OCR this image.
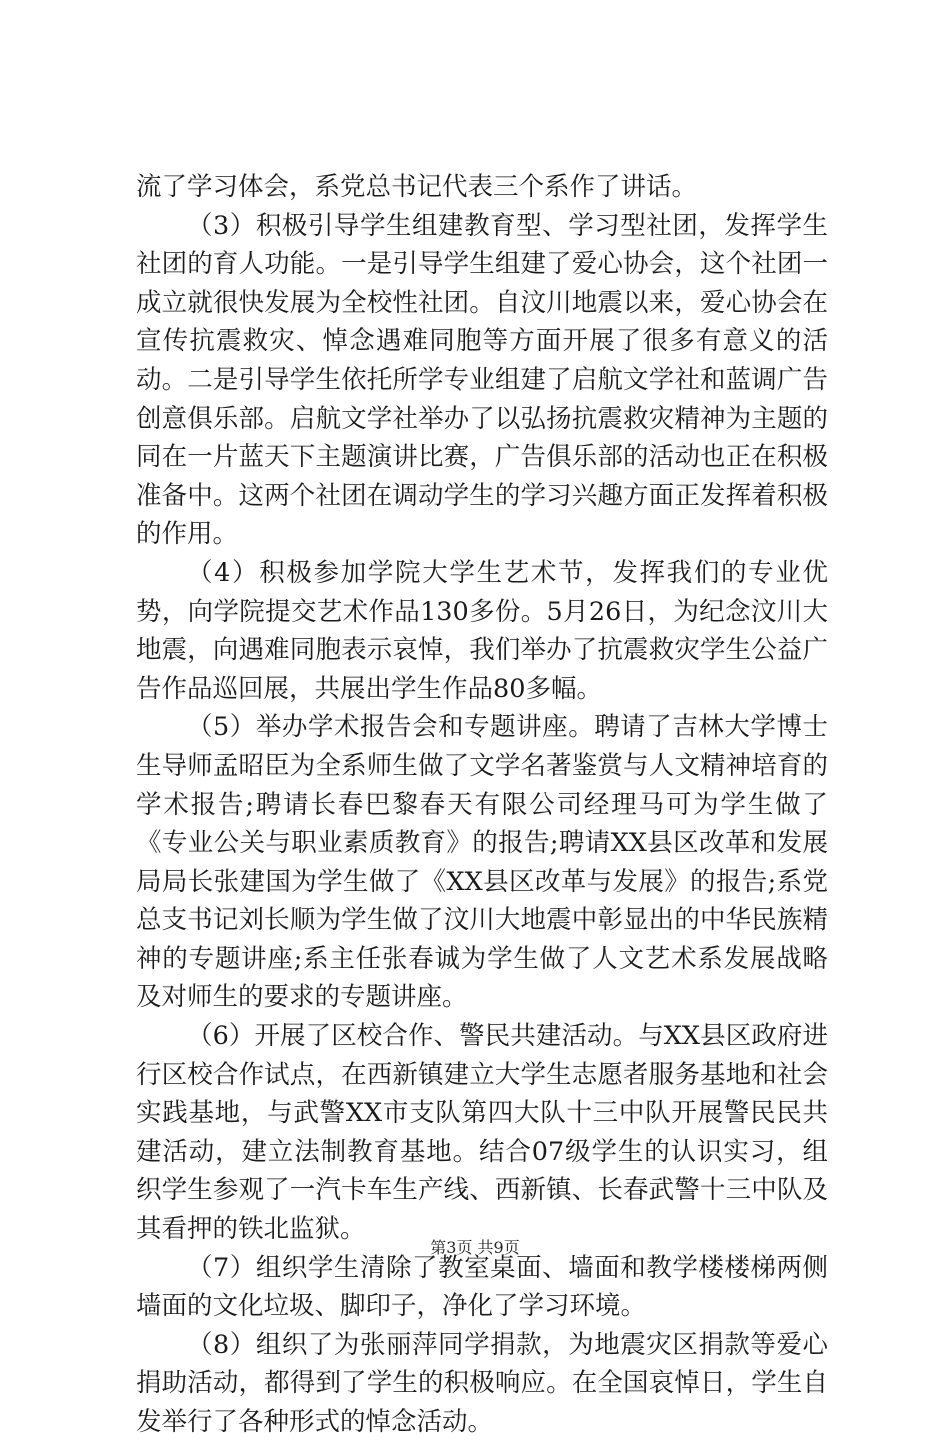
流了学习体会，系党总书记代表三个系作了讲话。

（3）积极引导学生组建教育型、学习型社团，发挥学生社团的育人功能。一是引导学生组建了爱心协会，这个社团一成立就很快发展为全校性社团。自汶川地震以来，爱心协会在宣传抗震救灾、悼念遇难同胞等方面开展了很多有意义的活动。二是引导学生依托所学专业组建了启航文学社和蓝调广告创意俱乐部。启航文学社举办了以弘扬抗震救灾精神为主题的同在一片蓝天下主题演讲比赛，广告俱乐部的活动也正在积极准备中。这两个社团在调动学生的学习兴趣方面正发挥着积极的作用。

（4）积极参加学院大学生艺术节，发挥我们的专业优势，向学院提交艺术作品130多份。5月26日，为纪念汶川大地震，向遇难同胞表示哀悼，我们举办了抗震救灾学生公益广告作品巡回展，共展出学生作品80多幅。

（5）举办学术报告会和专题讲座。聘请了吉林大学博士生导师孟昭臣为全系师生做了文学名著鉴赏与人文精神培育的学术报告;聘请长春巴黎春天有限公司经理马可为学生做了《专业公关与职业素质教育》的报告;聘请XX县区改革和发展局局长张建国为学生做了《XX县区改革与发展》的报告;系党总支书记刘长顺为学生做了汶川大地震中彰显出的中华民族精神的专题讲座;系主任张春诚为学生做了人文艺术系发展战略及对师生的要求的专题讲座。

（6）开展了区校合作、警民共建活动。与XX县区政府进行区校合作试点，在西新镇建立大学生志愿者服务基地和社会实践基地，与武警XX市支队第四大队十三中队开展警民民共建活动，建立法制教育基地。结合07级学生的认识实习，组织学生参观了一汽卡车生产线、西新镇、长春武警十三中队及其看押的铁北监狱。

（7）组织学生清除了教室桌面、墙面和教学楼楼梯两侧墙面的文化垃圾、脚印子，净化了学习环境。

（8）组织了为张丽萍同学捐款，为地震灾区捐款等爱心捐助活动，都得到了学生的积极响应。在全国哀悼日，学生自发举行了各种形式的悼念活动。

第3页 共9页
